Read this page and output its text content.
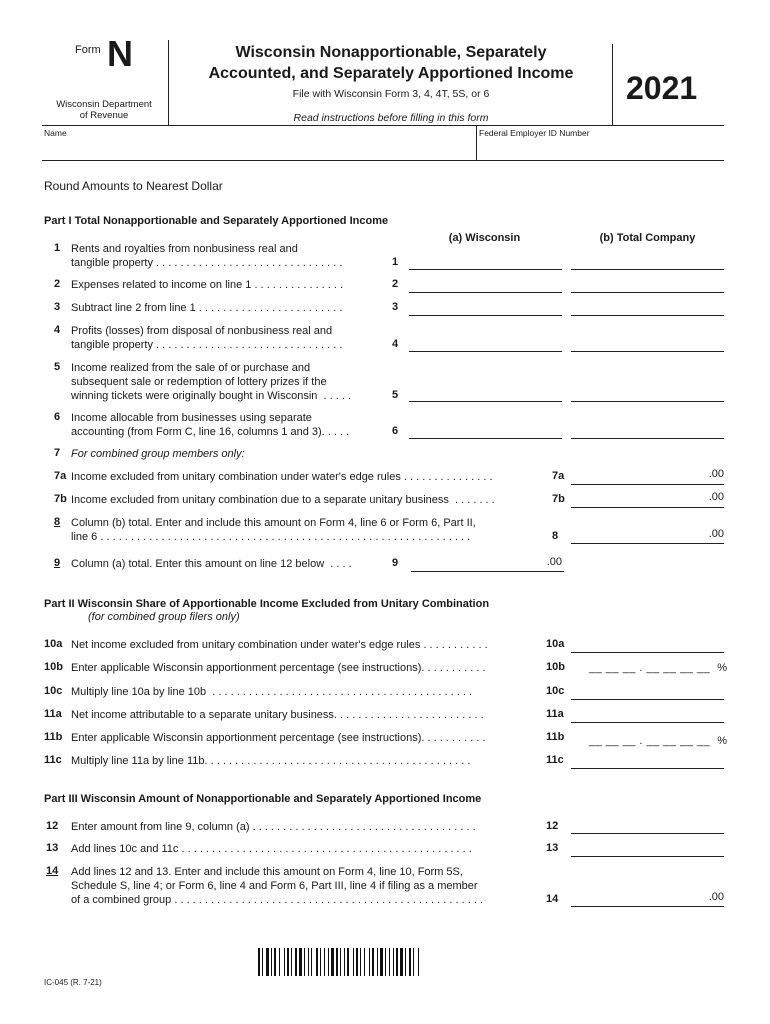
Form N
Wisconsin Department
of Revenue
Wisconsin Nonapportionable, Separately
Accounted, and Separately Apportioned Income
File with Wisconsin Form 3, 4, 4T, 5S, or 6
Read instructions before filling in this form
2021
Name	Federal Employer ID Number
Round Amounts to Nearest Dollar
Part I Total Nonapportionable and Separately Apportioned Income
(a) Wisconsin	(b) Total Company
1 Rents and royalties from nonbusiness real and
tangible property . . . . . . . . . . . . . . . . . . . . . . . . . . . . . . .	1
2 Expenses related to income on line 1 . . . . . . . . . . . . . . .	2
3 Subtract line 2 from line 1 . . . . . . . . . . . . . . . . . . . . . . . .	3
4 Profits (losses) from disposal of nonbusiness real and
tangible property . . . . . . . . . . . . . . . . . . . . . . . . . . . . . . .	4
5 Income realized from the sale of or purchase and
subsequent sale or redemption of lottery prizes if the
winning tickets were originally bought in Wisconsin  . . . . .	5
6 Income allocable from businesses using separate
accounting (from Form C, line 16, columns 1 and 3). . . . .	6
7 For combined group members only:
7a Income excluded from unitary combination under water's edge rules . . . . . . . . . . . . . . .	7a	.00
7b Income excluded from unitary combination due to a separate unitary business  . . . . . . .	7b	.00
8 Column (b) total. Enter and include this amount on Form 4, line 6 or Form 6, Part II,
line 6 . . . . . . . . . . . . . . . . . . . . . . . . . . . . . . . . . . . . . . . . . . . . . . . . . . . . . . . . . . . . .	8	.00
9 Column (a) total. Enter this amount on line 12 below  . . . .	9	.00
Part II Wisconsin Share of Apportionable Income Excluded from Unitary Combination
(for combined group filers only)
10a Net income excluded from unitary combination under water's edge rules . . . . . . . . . . .	10a
10b Enter applicable Wisconsin apportionment percentage (see instructions). . . . . . . . . . .	10b __ __ __ . __ __ __ __  %
10c Multiply line 10a by line 10b  . . . . . . . . . . . . . . . . . . . . . . . . . . . . . . . . . . . . . . . . . . .	10c
11a Net income attributable to a separate unitary business. . . . . . . . . . . . . . . . . . . . . . . . .	11a
11b Enter applicable Wisconsin apportionment percentage (see instructions). . . . . . . . . . .	11b __ __ __ . __ __ __ __  %
11c Multiply line 11a by line 11b. . . . . . . . . . . . . . . . . . . . . . . . . . . . . . . . . . . . . . . . . . . .	11c
Part III Wisconsin Amount of Nonapportionable and Separately Apportioned Income
12 Enter amount from line 9, column (a) . . . . . . . . . . . . . . . . . . . . . . . . . . . . . . . . . . . . .	12
13 Add lines 10c and 11c . . . . . . . . . . . . . . . . . . . . . . . . . . . . . . . . . . . . . . . . . . . . . . . .	13
14 Add lines 12 and 13. Enter and include this amount on Form 4, line 10, Form 5S,
Schedule S, line 4; or Form 6, line 4 and Form 6, Part III, line 4 if filing as a member
of a combined group . . . . . . . . . . . . . . . . . . . . . . . . . . . . . . . . . . . . . . . . . . . . . . . . . . .	14	.00
IC-045 (R. 7-21)
